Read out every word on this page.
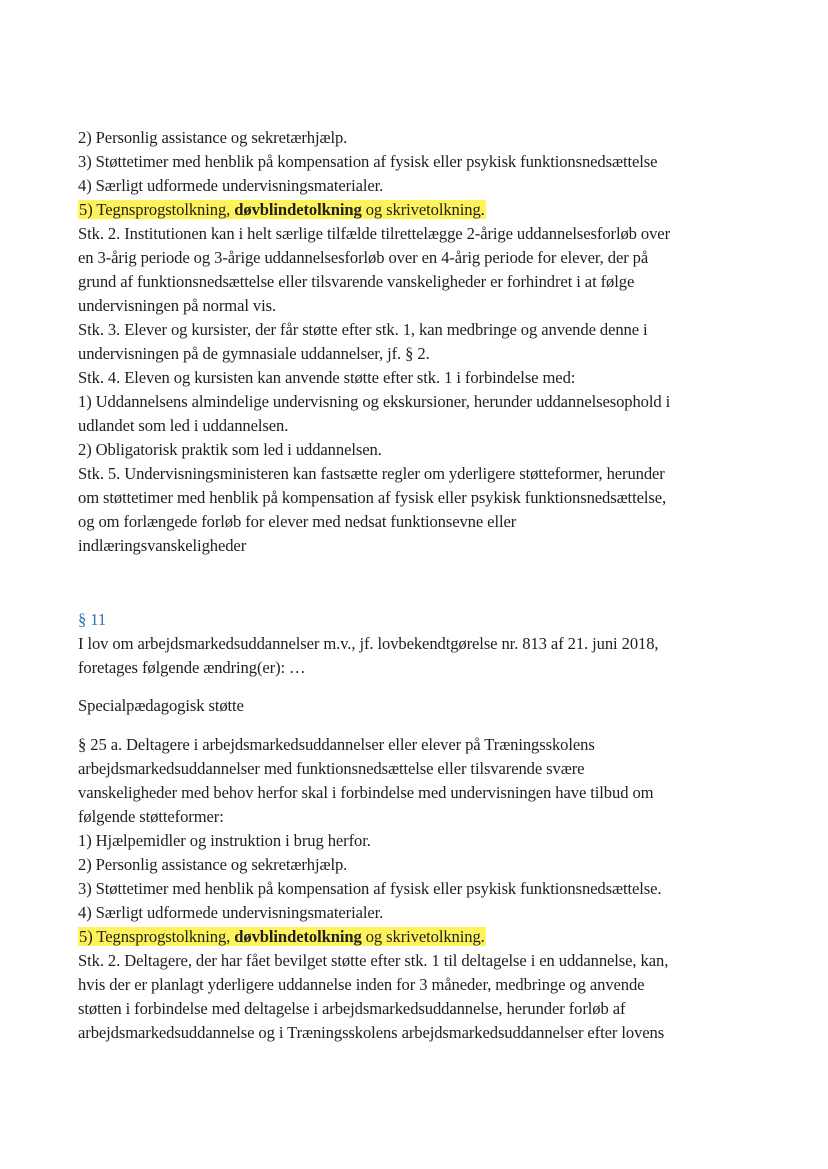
2) Personlig assistance og sekretærhjælp.
3) Støttetimer med henblik på kompensation af fysisk eller psykisk funktionsnedsættelse
4) Særligt udformede undervisningsmaterialer.
5) Tegnsprogstolkning, døvblindetolkning og skrivetolkning.
Stk. 2. Institutionen kan i helt særlige tilfælde tilrettelægge 2-årige uddannelsesforløb over
en 3-årig periode og 3-årige uddannelsesforløb over en 4-årig periode for elever, der på
grund af funktionsnedsættelse eller tilsvarende vanskeligheder er forhindret i at følge
undervisningen på normal vis.
Stk. 3. Elever og kursister, der får støtte efter stk. 1, kan medbringe og anvende denne i
undervisningen på de gymnasiale uddannelser, jf. § 2.
Stk. 4. Eleven og kursisten kan anvende støtte efter stk. 1 i forbindelse med:
1) Uddannelsens almindelige undervisning og ekskursioner, herunder uddannelsesophold i
udlandet som led i uddannelsen.
2) Obligatorisk praktik som led i uddannelsen.
Stk. 5. Undervisningsministeren kan fastsætte regler om yderligere støtteformer, herunder
om støttetimer med henblik på kompensation af fysisk eller psykisk funktionsnedsættelse,
og om forlængede forløb for elever med nedsat funktionsevne eller
indlæringsvanskeligheder
§ 11
I lov om arbejdsmarkedsuddannelser m.v., jf. lovbekendtgørelse nr. 813 af 21. juni 2018,
foretages følgende ændring(er): …
Specialpædagogisk støtte
§ 25 a. Deltagere i arbejdsmarkedsuddannelser eller elever på Træningsskolens
arbejdsmarkedsuddannelser med funktionsnedsættelse eller tilsvarende svære
vanskeligheder med behov herfor skal i forbindelse med undervisningen have tilbud om
følgende støtteformer:
1) Hjælpemidler og instruktion i brug herfor.
2) Personlig assistance og sekretærhjælp.
3) Støttetimer med henblik på kompensation af fysisk eller psykisk funktionsnedsættelse.
4) Særligt udformede undervisningsmaterialer.
5) Tegnsprogstolkning, døvblindetolkning og skrivetolkning.
Stk. 2. Deltagere, der har fået bevilget støtte efter stk. 1 til deltagelse i en uddannelse, kan,
hvis der er planlagt yderligere uddannelse inden for 3 måneder, medbringe og anvende
støtten i forbindelse med deltagelse i arbejdsmarkedsuddannelse, herunder forløb af
arbejdsmarkedsuddannelse og i Træningsskolens arbejdsmarkedsuddannelser efter lovens
